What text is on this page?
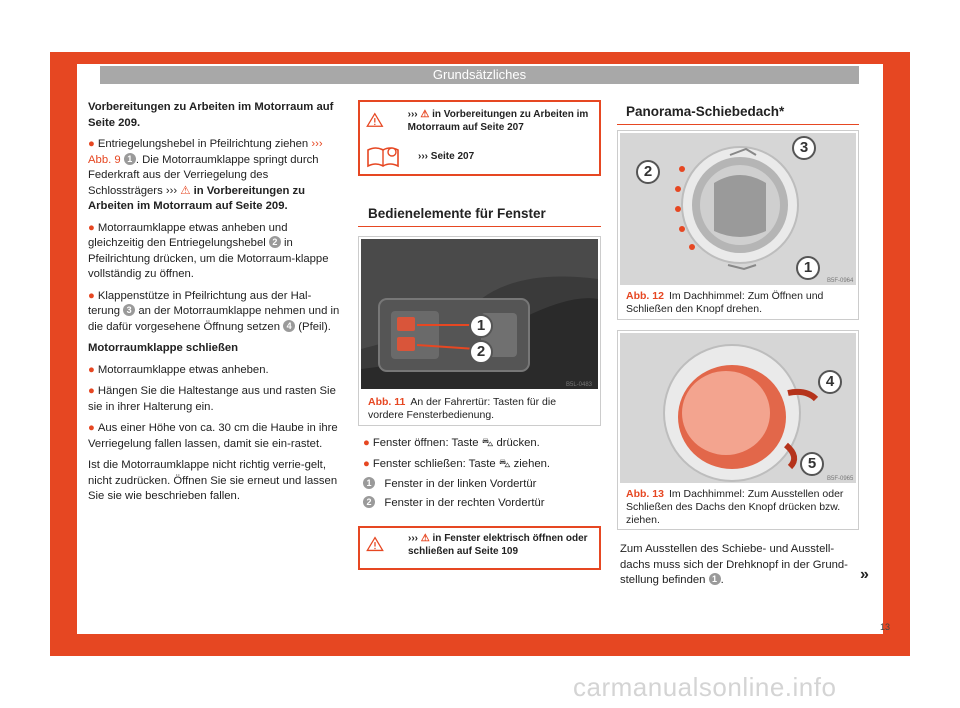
Grundsätzliches

Vorbereitungen zu Arbeiten im Motorraum auf Seite 209.

● Entriegelungshebel in Pfeilrichtung ziehen ››› Abb. 9 1 . Die Motorraumklappe springt durch Federkraft aus der Verriegelung des Schlossträgers ››› ⚠ in Vorbereitungen zu Arbeiten im Motorraum auf Seite 209.

● Motorraumklappe etwas anheben und gleichzeitig den Entriegelungshebel 2 in Pfeilrichtung drücken, um die Motorraum-klappe vollständig zu öffnen.

● Klappenstütze in Pfeilrichtung aus der Hal-terung 3 an der Motorraumklappe nehmen und in die dafür vorgesehene Öffnung setzen 4 (Pfeil).

Motorraumklappe schließen

● Motorraumklappe etwas anheben.

● Hängen Sie die Haltestange aus und rasten Sie sie in ihrer Halterung ein.

● Aus einer Höhe von ca. 30 cm die Haube in ihre Verriegelung fallen lassen, damit sie ein-rastet.

Ist die Motorraumklappe nicht richtig verrie-gelt, nicht zudrücken. Öffnen Sie sie erneut und lassen Sie sie wie beschrieben fallen.

››› ⚠ in Vorbereitungen zu Arbeiten im Motorraum auf Seite 207
››› Seite 207
Bedienelemente für Fenster
1
2
B5L-0483
Abb. 11 An der Fahrertür: Tasten für die vordere Fensterbedienung.

● Fenster öffnen: Taste ⛍ drücken.

● Fenster schließen: Taste ⛍ ziehen.

1 Fenster in der linken Vordertür

2 Fenster in der rechten Vordertür

››› ⚠ in Fenster elektrisch öffnen oder schließen auf Seite 109
Panorama-Schiebedach*
2
3
1
B5F-0964
Abb. 12 Im Dachhimmel: Zum Öffnen und Schließen den Knopf drehen.
4
5
B5F-0965
Abb. 13 Im Dachhimmel: Zum Ausstellen oder Schließen des Dachs den Knopf drücken bzw. ziehen.
Zum Ausstellen des Schiebe- und Ausstell-dachs muss sich der Drehknopf in der Grund-stellung befinden 1 .	»
13
carmanualsonline.info
